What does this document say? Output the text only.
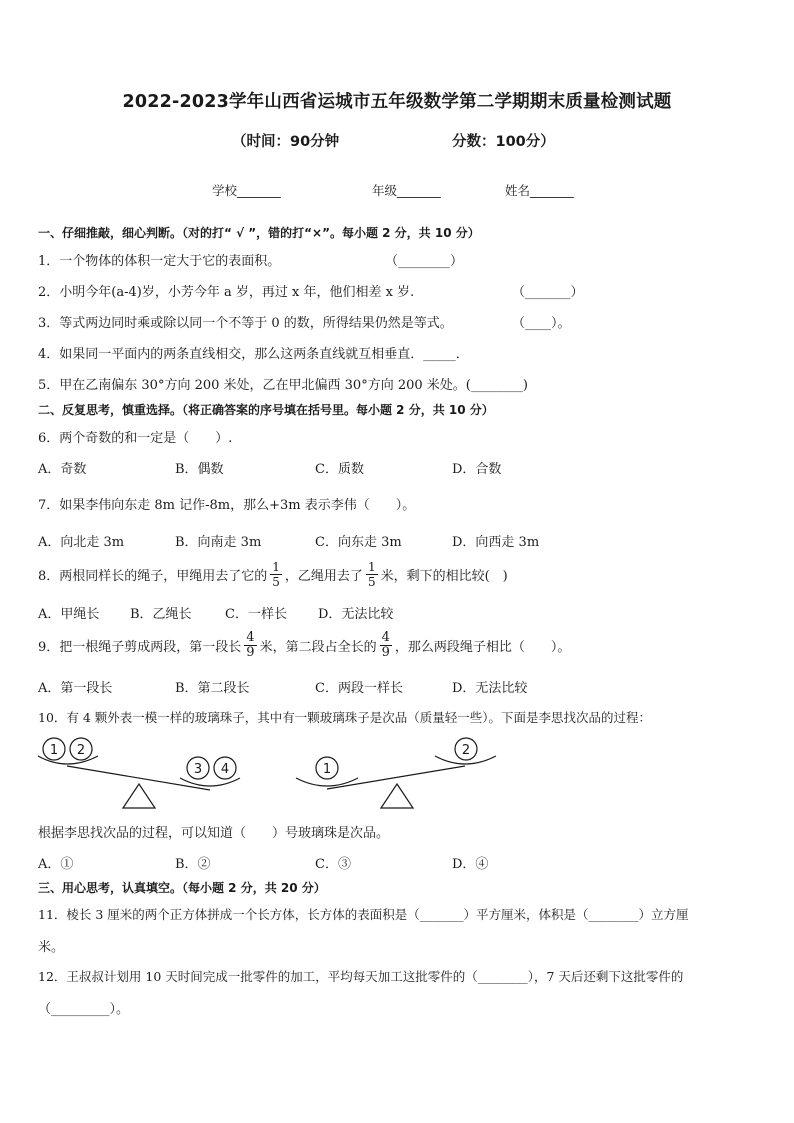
2022-2023学年山西省运城市五年级数学第二学期期末质量检测试题
（时间：90分钟	分数：100分）
学校_______	年级_______	姓名_______
一、仔细推敲，细心判断。（对的打“ √ ”，错的打“×”。每小题 2 分，共 10 分）
1．一个物体的体积一定大于它的表面积。	（________）
2．小明今年(a-4)岁，小芳今年 a 岁，再过 x 年，他们相差 x 岁.	（_______）
3．等式两边同时乘或除以同一个不等于 0 的数，所得结果仍然是等式。	（____）。
4．如果同一平面内的两条直线相交，那么这两条直线就互相垂直．_____．
5．甲在乙南偏东 30°方向 200 米处，乙在甲北偏西 30°方向 200 米处。(________)
二、反复思考，慎重选择。（将正确答案的序号填在括号里。每小题 2 分，共 10 分）
6．两个奇数的和一定是（　　）.
A．奇数	B．偶数	C．质数	D．合数
7．如果李伟向东走 8m 记作-8m，那么+3m 表示李伟（　　）。
A．向北走 3m	B．向南走 3m	C．向东走 3m	D．向西走 3m
8．两根同样长的绳子，甲绳用去了它的 $\frac{1}{5}$ ，乙绳用去了 $\frac{1}{5}$ 米，剩下的相比较(　)
A．甲绳长 B．乙绳长	C．一样长 D．无法比较
9．把一根绳子剪成两段，第一段长 $\frac{4}{9}$ 米，第二段占全长的 $\frac{4}{9}$ ，那么两段绳子相比（　　）。
A．第一段长	B．第二段长	C．两段一样长	D．无法比较
10．有 4 颗外表一模一样的玻璃珠子，其中有一颗玻璃珠子是次品（质量轻一些）。下面是李思找次品的过程：
1 2
3 4	1
2
根据李思找次品的过程，可以知道（　　）号玻璃珠是次品。
A．①	B．②	C．③	D．④
三、用心思考，认真填空。（每小题 2 分，共 20 分）
11．棱长 3 厘米的两个正方体拼成一个长方体，长方体的表面积是（_______）平方厘米，体积是（________）立方厘
米。
12．王叔叔计划用 10 天时间完成一批零件的加工，平均每天加工这批零件的（________），7 天后还剩下这批零件的
（_________）。
